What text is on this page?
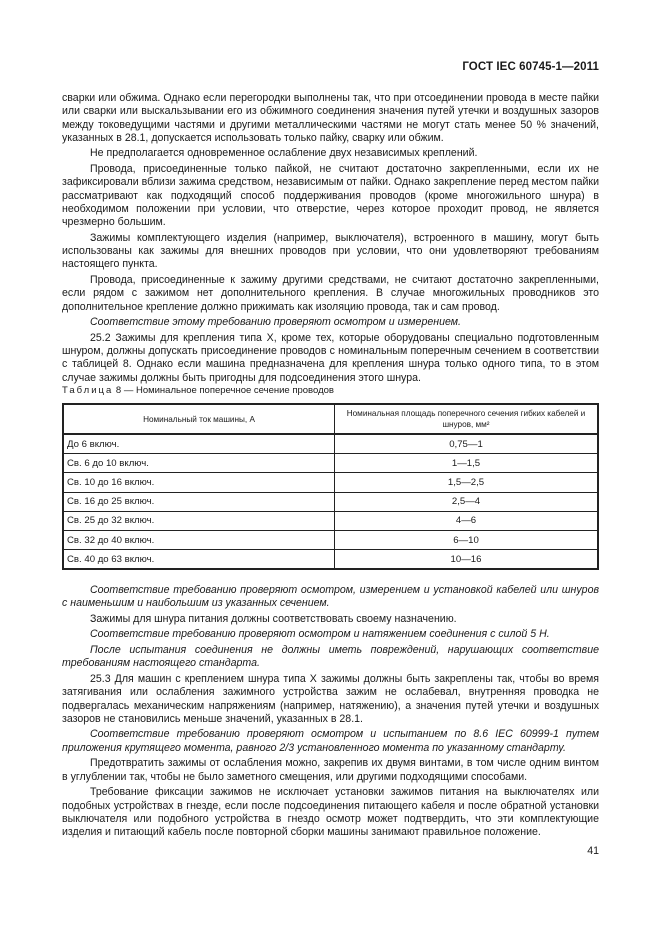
ГОСТ IEC 60745-1—2011

сварки или обжима. Однако если перегородки выполнены так, что при отсоединении провода в месте пайки или сварки или выскальзывании его из обжимного соединения значения путей утечки и воздушных зазоров между токоведущими частями и другими металлическими частями не могут стать менее 50 % значений, указанных в 28.1, допускается использовать только пайку, сварку или обжим.

Не предполагается одновременное ослабление двух независимых креплений.

Провода, присоединенные только пайкой, не считают достаточно закрепленными, если их не зафиксировали вблизи зажима средством, независимым от пайки. Однако закрепление перед местом пайки рассматривают как подходящий способ поддерживания проводов (кроме многожильного шнура) в необходимом положении при условии, что отверстие, через которое проходит провод, не является чрезмерно большим.

Зажимы комплектующего изделия (например, выключателя), встроенного в машину, могут быть использованы как зажимы для внешних проводов при условии, что они удовлетворяют требованиям настоящего пункта.

Провода, присоединенные к зажиму другими средствами, не считают достаточно закрепленными, если рядом с зажимом нет дополнительного крепления. В случае многожильных проводников это дополнительное крепление должно прижимать как изоляцию провода, так и сам провод.

Соответствие этому требованию проверяют осмотром и измерением.

25.2 Зажимы для крепления типа X, кроме тех, которые оборудованы специально подготовленным шнуром, должны допускать присоединение проводов с номинальным поперечным сечением в соответствии с таблицей 8. Однако если машина предназначена для крепления шнура только одного типа, то в этом случае зажимы должны быть пригодны для подсоединения этого шнура.

Таблица 8 — Номинальное поперечное сечение проводов
Номинальный ток машины, А	Номинальная площадь поперечного сечения гибких кабелей и шнуров, мм²
До 6 включ.	0,75—1
Св. 6 до 10 включ.	1—1,5
Св. 10 до 16 включ.	1,5—2,5
Св. 16 до 25 включ.	2,5—4
Св. 25 до 32 включ.	4—6
Св. 32 до 40 включ.	6—10
Св. 40 до 63 включ.	10—16

Соответствие требованию проверяют осмотром, измерением и установкой кабелей или шнуров с наименьшим и наибольшим из указанных сечением.

Зажимы для шнура питания должны соответствовать своему назначению.

Соответствие требованию проверяют осмотром и натяжением соединения с силой 5 Н.

После испытания соединения не должны иметь повреждений, нарушающих соответствие требованиям настоящего стандарта.

25.3 Для машин с креплением шнура типа X зажимы должны быть закреплены так, чтобы во время затягивания или ослабления зажимного устройства зажим не ослабевал, внутренняя проводка не подвергалась механическим напряжениям (например, натяжению), а значения путей утечки и воздушных зазоров не становились меньше значений, указанных в 28.1.

Соответствие требованию проверяют осмотром и испытанием по 8.6 IEC 60999-1 путем приложения крутящего момента, равного 2/3 установленного момента по указанному стандарту.

Предотвратить зажимы от ослабления можно, закрепив их двумя винтами, в том числе одним винтом в углублении так, чтобы не было заметного смещения, или другими подходящими способами.

Требование фиксации зажимов не исключает установки зажимов питания на выключателях или подобных устройствах в гнезде, если после подсоединения питающего кабеля и после обратной установки выключателя или подобного устройства в гнездо осмотр может подтвердить, что эти комплектующие изделия и питающий кабель после повторной сборки машины занимают правильное положение.

41
